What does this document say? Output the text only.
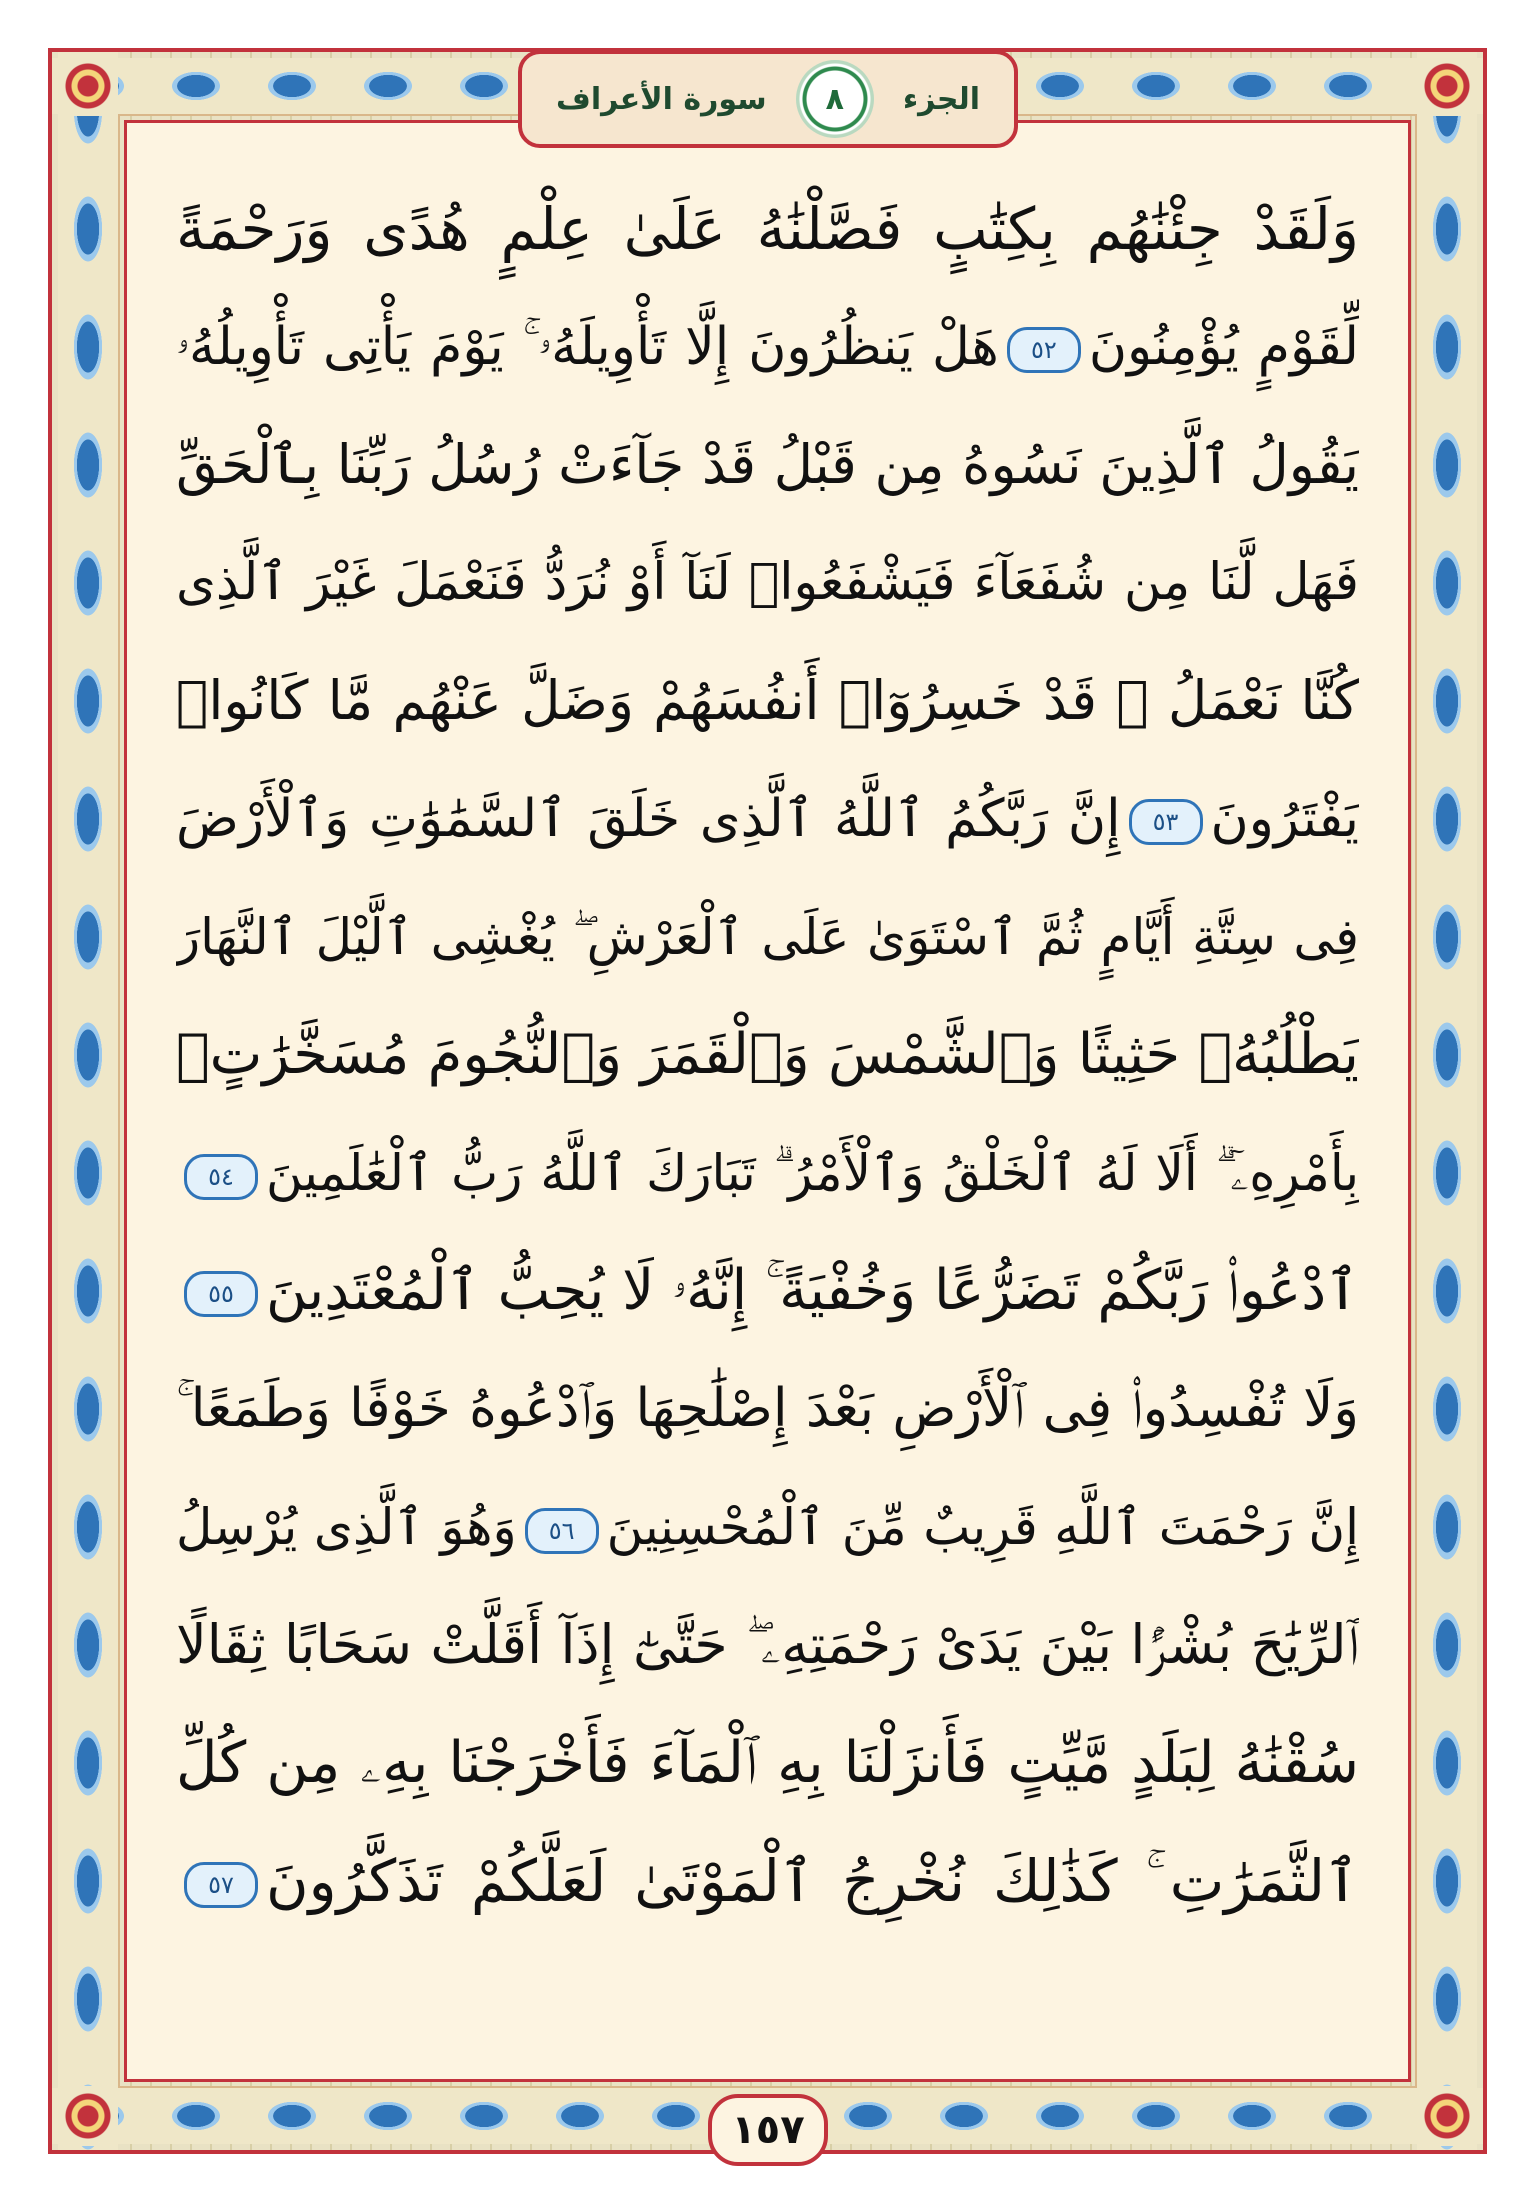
الجزء
٨
سورة الأعراف
وَلَقَدْ جِئْنَٰهُم بِكِتَٰبٍ فَصَّلْنَٰهُ عَلَىٰ عِلْمٍ هُدًى وَرَحْمَةً
لِّقَوْمٍ يُؤْمِنُونَ٥٢هَلْ يَنظُرُونَ إِلَّا تَأْوِيلَهُۥ ۚ يَوْمَ يَأْتِى تَأْوِيلُهُۥ
يَقُولُ ٱلَّذِينَ نَسُوهُ مِن قَبْلُ قَدْ جَآءَتْ رُسُلُ رَبِّنَا بِٱلْحَقِّ
فَهَل لَّنَا مِن شُفَعَآءَ فَيَشْفَعُوا۟ لَنَآ أَوْ نُرَدُّ فَنَعْمَلَ غَيْرَ ٱلَّذِى
كُنَّا نَعْمَلُ ۚ قَدْ خَسِرُوٓا۟ أَنفُسَهُمْ وَضَلَّ عَنْهُم مَّا كَانُوا۟
يَفْتَرُونَ٥٣إِنَّ رَبَّكُمُ ٱللَّهُ ٱلَّذِى خَلَقَ ٱلسَّمَٰوَٰتِ وَٱلْأَرْضَ
فِى سِتَّةِ أَيَّامٍ ثُمَّ ٱسْتَوَىٰ عَلَى ٱلْعَرْشِ ۖ يُغْشِى ٱلَّيْلَ ٱلنَّهَارَ
يَطْلُبُهُۥ حَثِيثًا وَٱلشَّمْسَ وَٱلْقَمَرَ وَٱلنُّجُومَ مُسَخَّرَٰتٍۭ
بِأَمْرِهِۦٓ ۗ أَلَا لَهُ ٱلْخَلْقُ وَٱلْأَمْرُ ۗ تَبَارَكَ ٱللَّهُ رَبُّ ٱلْعَٰلَمِينَ٥٤
ٱدْعُوا۟ رَبَّكُمْ تَضَرُّعًا وَخُفْيَةً ۚ إِنَّهُۥ لَا يُحِبُّ ٱلْمُعْتَدِينَ٥٥
وَلَا تُفْسِدُوا۟ فِى ٱلْأَرْضِ بَعْدَ إِصْلَٰحِهَا وَٱدْعُوهُ خَوْفًا وَطَمَعًا ۚ
إِنَّ رَحْمَتَ ٱللَّهِ قَرِيبٌ مِّنَ ٱلْمُحْسِنِينَ٥٦وَهُوَ ٱلَّذِى يُرْسِلُ
ٱلرِّيَٰحَ بُشْرًۢا بَيْنَ يَدَىْ رَحْمَتِهِۦ ۖ حَتَّىٰٓ إِذَآ أَقَلَّتْ سَحَابًا ثِقَالًا
سُقْنَٰهُ لِبَلَدٍ مَّيِّتٍ فَأَنزَلْنَا بِهِ ٱلْمَآءَ فَأَخْرَجْنَا بِهِۦ مِن كُلِّ
ٱلثَّمَرَٰتِ ۚ كَذَٰلِكَ نُخْرِجُ ٱلْمَوْتَىٰ لَعَلَّكُمْ تَذَكَّرُونَ٥٧
١٥٧
